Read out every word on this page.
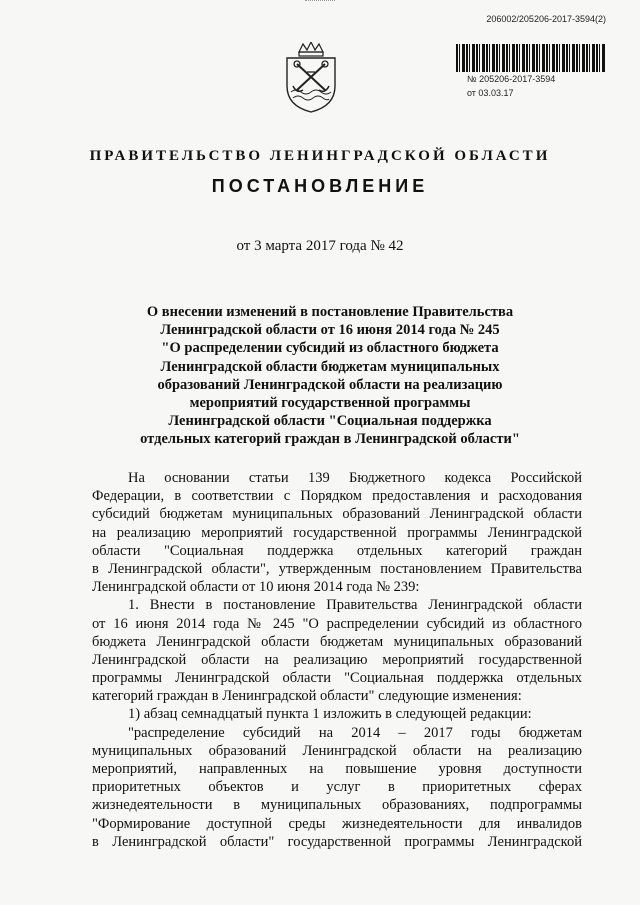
206002/205206-2017-3594(2)
№ 205206-2017-3594
от 03.03.17
ПРАВИТЕЛЬСТВО ЛЕНИНГРАДСКОЙ ОБЛАСТИ
ПОСТАНОВЛЕНИЕ
от 3 марта 2017 года № 42
О внесении изменений в постановление Правительства
Ленинградской области от 16 июня 2014 года № 245
"О распределении субсидий из областного бюджета
Ленинградской области бюджетам муниципальных
образований Ленинградской области на реализацию
мероприятий государственной программы
Ленинградской области "Социальная поддержка
отдельных категорий граждан в Ленинградской области"
На основании статьи 139 Бюджетного кодекса Российской
Федерации, в соответствии с Порядком предоставления и расходования
субсидий бюджетам муниципальных образований Ленинградской области
на реализацию мероприятий государственной программы Ленинградской
области "Социальная поддержка отдельных категорий граждан
в Ленинградской области", утвержденным постановлением Правительства
Ленинградской области от 10 июня 2014 года № 239:
1. Внести в постановление Правительства Ленинградской области
от 16 июня 2014 года № 245 "О распределении субсидий из областного
бюджета Ленинградской области бюджетам муниципальных образований
Ленинградской области на реализацию мероприятий государственной
программы Ленинградской области "Социальная поддержка отдельных
категорий граждан в Ленинградской области" следующие изменения:
1) абзац семнадцатый пункта 1 изложить в следующей редакции:
"распределение субсидий на 2014 – 2017 годы бюджетам
муниципальных образований Ленинградской области на реализацию
мероприятий, направленных на повышение уровня доступности
приоритетных объектов и услуг в приоритетных сферах
жизнедеятельности в муниципальных образованиях, подпрограммы
"Формирование доступной среды жизнедеятельности для инвалидов
в Ленинградской области" государственной программы Ленинградской
